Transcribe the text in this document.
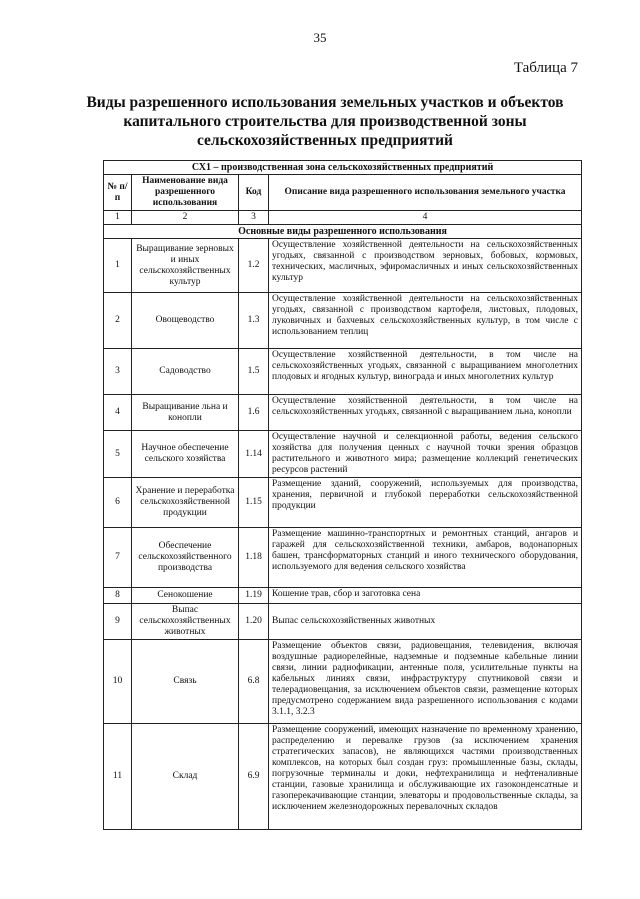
35
Таблица 7
Виды разрешенного использования земельных участков и объектов
капитального строительства для производственной зоны
сельскохозяйственных предприятий
СХ1 – производственная зона сельскохозяйственных предприятий			
№ п/п	Наименование вида разрешенного использования	Код	Описание вида разрешенного использования земельного участка
1	2	3	4
Основные виды разрешенного использования			
1	Выращивание зерновых и иных сельскохозяйственных культур	1.2	Осуществление хозяйственной деятельности на сельскохозяйственных угодьях, связанной с производством зерновых, бобовых, кормовых, технических, масличных, эфиромасличных и иных сельскохозяйственных культур
2	Овощеводство	1.3	Осуществление хозяйственной деятельности на сельскохозяйственных угодьях, связанной с производством картофеля, листовых, плодовых, луковичных и бахчевых сельскохозяйственных культур, в том числе с использованием теплиц
3	Садоводство	1.5	Осуществление хозяйственной деятельности, в том числе на сельскохозяйственных угодьях, связанной с выращиванием многолетних плодовых и ягодных культур, винограда и иных многолетних культур
4	Выращивание льна и конопли	1.6	Осуществление хозяйственной деятельности, в том числе на сельскохозяйственных угодьях, связанной с выращиванием льна, конопли
5	Научное обеспечение сельского хозяйства	1.14	Осуществление научной и селекционной работы, ведения сельского хозяйства для получения ценных с научной точки зрения образцов растительного и животного мира; размещение коллекций генетических ресурсов растений
6	Хранение и переработка сельскохозяйственной продукции	1.15	Размещение зданий, сооружений, используемых для производства, хранения, первичной и глубокой переработки сельскохозяйственной продукции
7	Обеспечение сельскохозяйственного производства	1.18	Размещение машинно-транспортных и ремонтных станций, ангаров и гаражей для сельскохозяйственной техники, амбаров, водонапорных башен, трансформаторных станций и иного технического оборудования, используемого для ведения сельского хозяйства
8	Сенокошение	1.19	Кошение трав, сбор и заготовка сена
9	Выпас сельскохозяйственных животных	1.20	Выпас сельскохозяйственных животных
10	Связь	6.8	Размещение объектов связи, радиовещания, телевидения, включая воздушные радиорелейные, надземные и подземные кабельные линии связи, линии радиофикации, антенные поля, усилительные пункты на кабельных линиях связи, инфраструктуру спутниковой связи и телерадиовещания, за исключением объектов связи, размещение которых предусмотрено содержанием вида разрешенного использования с кодами 3.1.1, 3.2.3
11	Склад	6.9	Размещение сооружений, имеющих назначение по временному хранению, распределению и перевалке грузов (за исключением хранения стратегических запасов), не являющихся частями производственных комплексов, на которых был создан груз: промышленные базы, склады, погрузочные терминалы и доки, нефтехранилища и нефтеналивные станции, газовые хранилища и обслуживающие их газоконденсатные и газоперекачивающие станции, элеваторы и продовольственные склады, за исключением железнодорожных перевалочных складов
